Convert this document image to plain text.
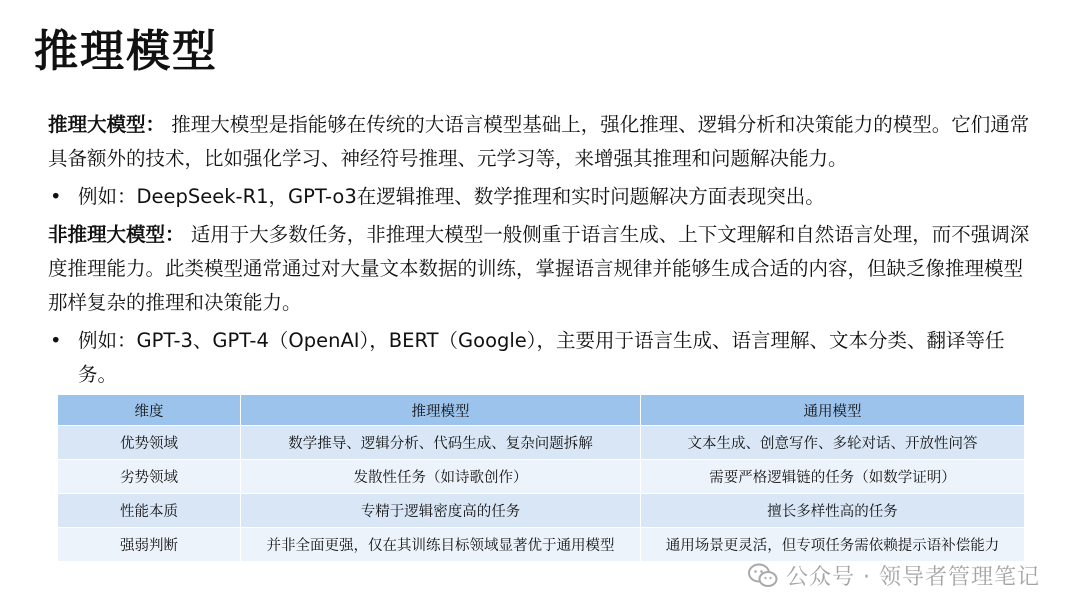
推理模型

推理大模型： 推理大模型是指能够在传统的大语言模型基础上，强化推理、逻辑分析和决策能力的模型。它们通常具备额外的技术，比如强化学习、神经符号推理、元学习等，来增强其推理和问题解决能力。

• 例如：DeepSeek-R1，GPT-o3在逻辑推理、数学推理和实时问题解决方面表现突出。

非推理大模型： 适用于大多数任务，非推理大模型一般侧重于语言生成、上下文理解和自然语言处理，而不强调深度推理能力。此类模型通常通过对大量文本数据的训练，掌握语言规律并能够生成合适的内容，但缺乏像推理模型那样复杂的推理和决策能力。

• 例如：GPT-3、GPT-4（OpenAI），BERT（Google），主要用于语言生成、语言理解、文本分类、翻译等任务。
维度	推理模型	通用模型
优势领域	数学推导、逻辑分析、代码生成、复杂问题拆解	文本生成、创意写作、多轮对话、开放性问答
劣势领域	发散性任务（如诗歌创作）	需要严格逻辑链的任务（如数学证明）
性能本质	专精于逻辑密度高的任务	擅长多样性高的任务
强弱判断	并非全面更强，仅在其训练目标领域显著优于通用模型	通用场景更灵活，但专项任务需依赖提示语补偿能力
公众号 · 领导者管理笔记
